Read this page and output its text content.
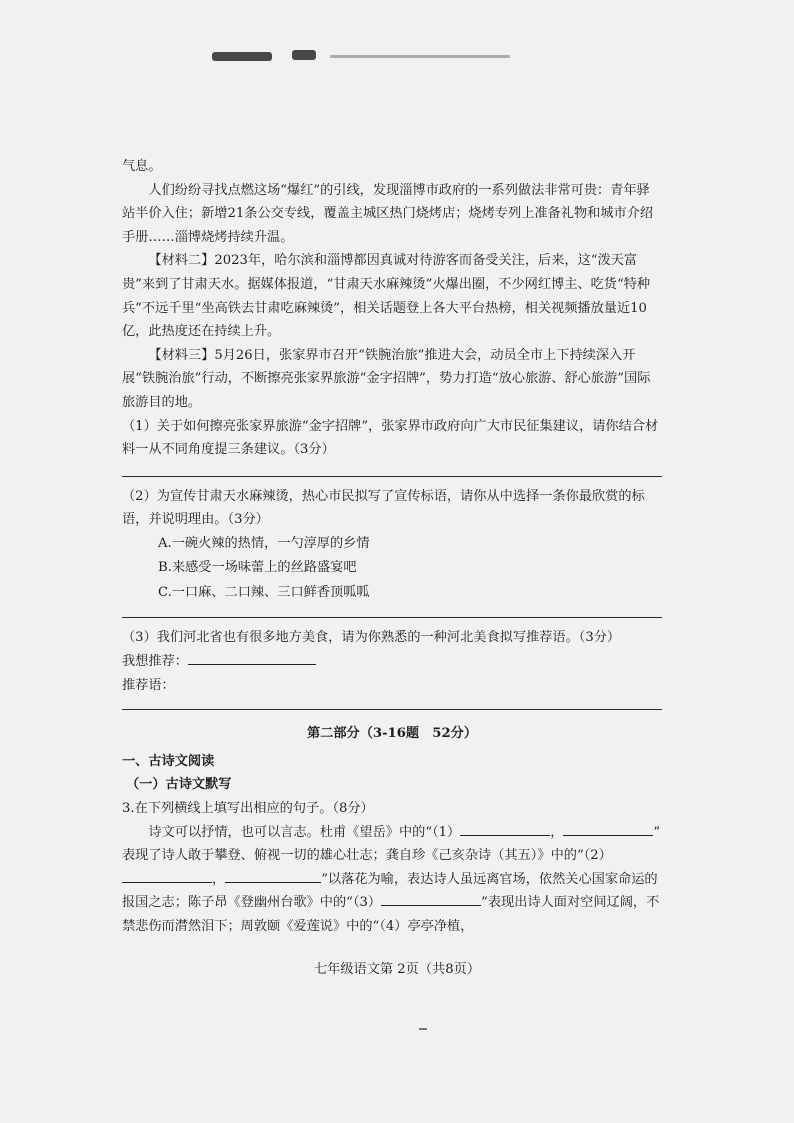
气息。

人们纷纷寻找点燃这场“爆红”的引线，发现淄博市政府的一系列做法非常可贵：青年驿站半价入住；新增21条公交专线，覆盖主城区热门烧烤店；烧烤专列上准备礼物和城市介绍手册……淄博烧烤持续升温。

【材料二】2023年，哈尔滨和淄博都因真诚对待游客而备受关注，后来，这“泼天富贵”来到了甘肃天水。据媒体报道，“甘肃天水麻辣烫”火爆出圈，不少网红博主、吃货“特种兵”不远千里“坐高铁去甘肃吃麻辣烫”，相关话题登上各大平台热榜，相关视频播放量近10亿，此热度还在持续上升。

【材料三】5月26日，张家界市召开“铁腕治旅”推进大会，动员全市上下持续深入开展“铁腕治旅”行动，不断擦亮张家界旅游“金字招牌”，势力打造“放心旅游、舒心旅游”国际旅游目的地。

（1）关于如何擦亮张家界旅游“金字招牌”，张家界市政府向广大市民征集建议，请你结合材料一从不同角度提三条建议。（3分）

（2）为宣传甘肃天水麻辣烫，热心市民拟写了宣传标语，请你从中选择一条你最欣赏的标语，并说明理由。（3分）

A.一碗火辣的热情，一勺淳厚的乡情

B.来感受一场味蕾上的丝路盛宴吧

C.一口麻、二口辣、三口鲜香顶呱呱

（3）我们河北省也有很多地方美食，请为你熟悉的一种河北美食拟写推荐语。（3分）

我想推荐：

推荐语：

第二部分（3-16题　52分）

一、古诗文阅读

（一）古诗文默写

3.在下列横线上填写出相应的句子。（8分）

诗文可以抒情，也可以言志。杜甫《望岳》中的“（1）	，	”

表现了诗人敢于攀登、俯视一切的雄心壮志；龚自珍《己亥杂诗（其五）》中的“（2）

，	”以落花为喻，表达诗人虽远离官场，依然关心国家命运的报国之志；陈子昂《登幽州台歌》中的“（3）	”表现出诗人面对空间辽阔，不禁悲伤而潸然泪下；周敦颐《爱莲说》中的“（4）亭亭净植，

七年级语文第 2页（共8页）
